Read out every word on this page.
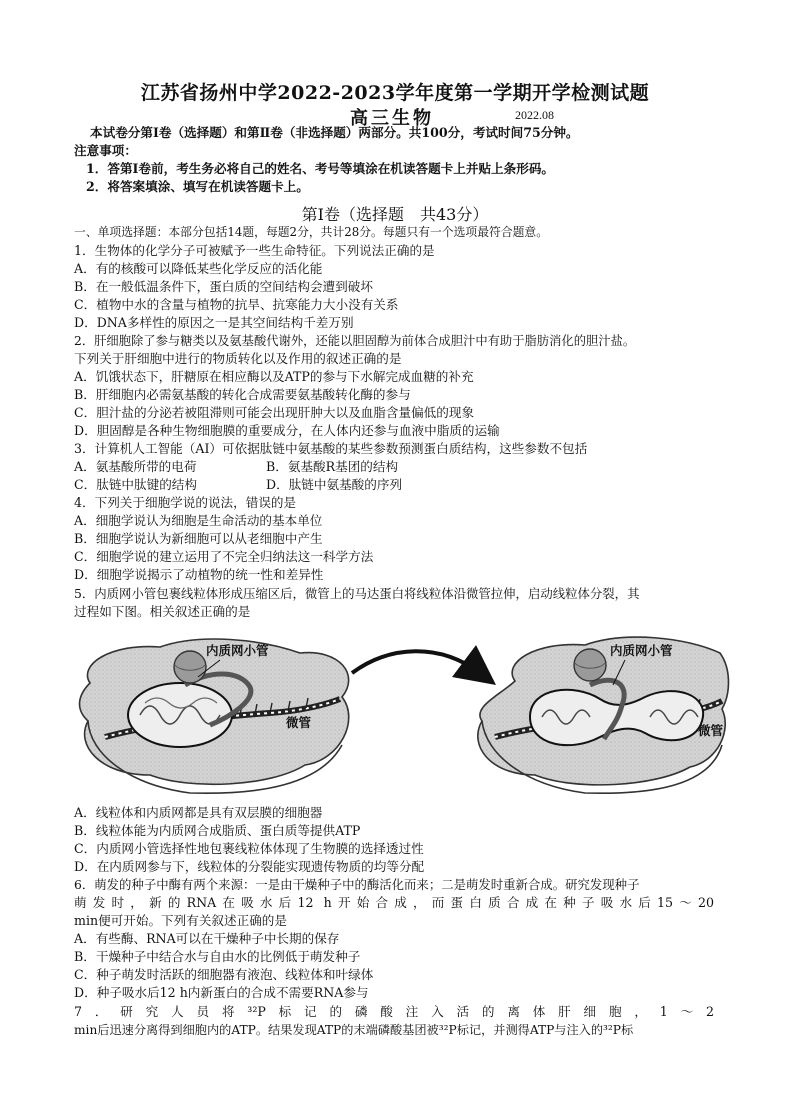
江苏省扬州中学2022-2023学年度第一学期开学检测试题
高三生物	2022.08
本试卷分第Ⅰ卷（选择题）和第Ⅱ卷（非选择题）两部分。共100分，考试时间75分钟。
注意事项：
1．答第Ⅰ卷前，考生务必将自己的姓名、考号等填涂在机读答题卡上并贴上条形码。
2．将答案填涂、填写在机读答题卡上。
第Ⅰ卷（选择题　共43分）
一、单项选择题：本部分包括14题，每题2分，共计28分。每题只有一个选项最符合题意。
1．生物体的化学分子可被赋予一些生命特征。下列说法正确的是
A．有的核酸可以降低某些化学反应的活化能
B．在一般低温条件下，蛋白质的空间结构会遭到破坏
C．植物中水的含量与植物的抗旱、抗寒能力大小没有关系
D．DNA多样性的原因之一是其空间结构千差万别
2．肝细胞除了参与糖类以及氨基酸代谢外，还能以胆固醇为前体合成胆汁中有助于脂肪消化的胆汁盐。
下列关于肝细胞中进行的物质转化以及作用的叙述正确的是
A．饥饿状态下，肝糖原在相应酶以及ATP的参与下水解完成血糖的补充
B．肝细胞内必需氨基酸的转化合成需要氨基酸转化酶的参与
C．胆汁盐的分泌若被阻滞则可能会出现肝肿大以及血脂含量偏低的现象
D．胆固醇是各种生物细胞膜的重要成分，在人体内还参与血液中脂质的运输
3．计算机人工智能（AI）可依据肽链中氨基酸的某些参数预测蛋白质结构，这些参数不包括
A．氨基酸所带的电荷	B．氨基酸R基团的结构
C．肽链中肽键的结构	D．肽链中氨基酸的序列
4．下列关于细胞学说的说法，错误的是
A．细胞学说认为细胞是生命活动的基本单位
B．细胞学说认为新细胞可以从老细胞中产生
C．细胞学说的建立运用了不完全归纳法这一科学方法
D．细胞学说揭示了动植物的统一性和差异性
5．内质网小管包裹线粒体形成压缩区后，微管上的马达蛋白将线粒体沿微管拉伸，启动线粒体分裂，其
过程如下图。相关叙述正确的是
内质网小管
微管
内质网小管
微管
A．线粒体和内质网都是具有双层膜的细胞器
B．线粒体能为内质网合成脂质、蛋白质等提供ATP
C．内质网小管选择性地包裹线粒体体现了生物膜的选择透过性
D．在内质网参与下，线粒体的分裂能实现遗传物质的均等分配
6．萌发的种子中酶有两个来源：一是由干燥种子中的酶活化而来；二是萌发时重新合成。研究发现种子
萌发时，新的RNA在吸水后12 h开始合成，而蛋白质合成在种子吸水后15～20
min便可开始。下列有关叙述正确的是
A．有些酶、RNA可以在干燥种子中长期的保存
B．干燥种子中结合水与自由水的比例低于萌发种子
C．种子萌发时活跃的细胞器有液泡、线粒体和叶绿体
D．种子吸水后12 h内新蛋白的合成不需要RNA参与
7．研究人员将³²P标记的磷酸注入活的离体肝细胞，1～2
min后迅速分离得到细胞内的ATP。结果发现ATP的末端磷酸基团被³²P标记，并测得ATP与注入的³²P标
